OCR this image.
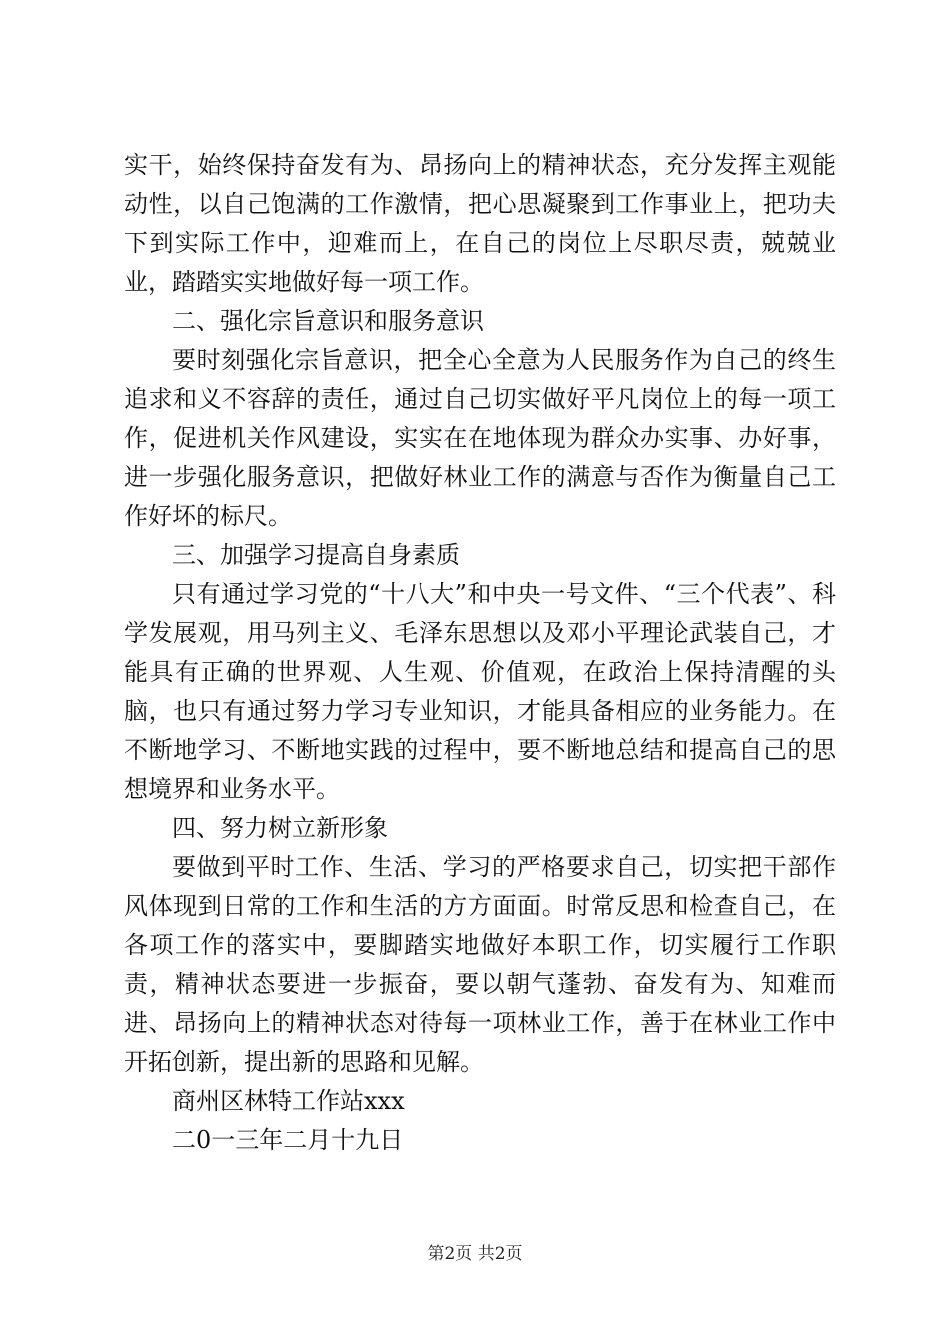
实干，始终保持奋发有为、昂扬向上的精神状态，充分发挥主观能动性，以自己饱满的工作激情，把心思凝聚到工作事业上，把功夫下到实际工作中，迎难而上，在自己的岗位上尽职尽责，兢兢业业，踏踏实实地做好每一项工作。

二、强化宗旨意识和服务意识

要时刻强化宗旨意识，把全心全意为人民服务作为自己的终生追求和义不容辞的责任，通过自己切实做好平凡岗位上的每一项工作，促进机关作风建设，实实在在地体现为群众办实事、办好事，进一步强化服务意识，把做好林业工作的满意与否作为衡量自己工作好坏的标尺。

三、加强学习提高自身素质

只有通过学习党的“十八大”和中央一号文件、“三个代表”、科学发展观，用马列主义、毛泽东思想以及邓小平理论武装自己，才能具有正确的世界观、人生观、价值观，在政治上保持清醒的头脑，也只有通过努力学习专业知识，才能具备相应的业务能力。在不断地学习、不断地实践的过程中，要不断地总结和提高自己的思想境界和业务水平。

四、努力树立新形象

要做到平时工作、生活、学习的严格要求自己，切实把干部作风体现到日常的工作和生活的方方面面。时常反思和检查自己，在各项工作的落实中，要脚踏实地做好本职工作，切实履行工作职责，精神状态要进一步振奋，要以朝气蓬勃、奋发有为、知难而进、昂扬向上的精神状态对待每一项林业工作，善于在林业工作中开拓创新，提出新的思路和见解。

商州区林特工作站xxx

二0一三年二月十九日

第2页 共2页
